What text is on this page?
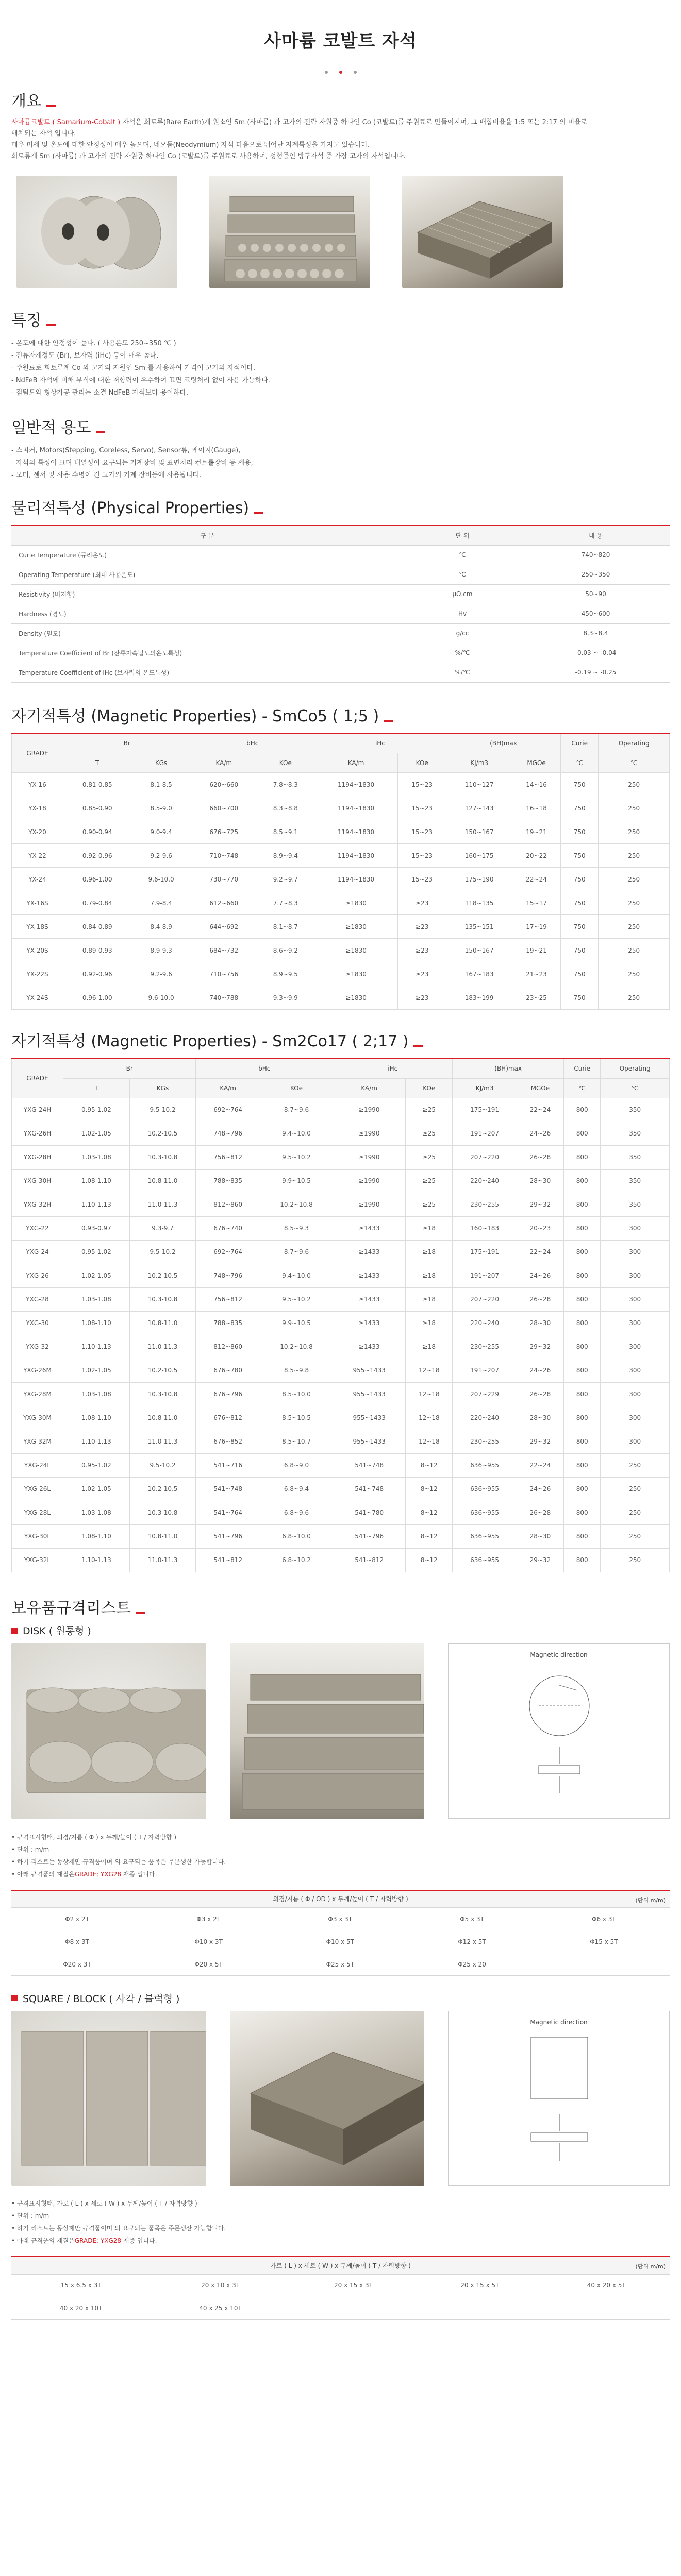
사마륨 코발트 자석
개요
사마륨코발트 ( Samarium-Cobalt ) 자석은 희토류(Rare Earth)계 원소인 Sm (사마륨) 과 고가의 전략 자원중 하나인 Co (코발트)를 주원료로 만들어지며, 그 배합비율을 1:5 또는 2:17 의 비율로
배치되는 자석 입니다.
매우 미세 및 온도에 대한 안정성이 매우 높으며, 네오듐(Neodymium) 자석 다음으로 뛰어난 자계특성을 가지고 있습니다.
희토류계 Sm (사마륨) 과 고가의 전략 자원중 하나인 Co (코발트)를 주원료로 사용하며, 성형중인 방구자석 중 가장 고가의 자석입니다.
특징
- 온도에 대한 안정성이 높다. ( 사용온도 250~350 ℃ )
- 전류자계정도 (Br), 보자력 (iHc) 등이 매우 높다.
- 주원료로 희토류계 Co 와 고가의 자원인 Sm 를 사용하여 가격이 고가의 자석이다.
- NdFeB 자석에 비해 부식에 대한 저항력이 우수하여 표면 코팅처리 없이 사용 가능하다.
- 점팀도와 형상가공 관리는 소결 NdFeB 자석보다 용이하다.
일반적 용도
- 스피커, Motors(Stepping, Coreless, Servo), Sensor류, 게이지(Gauge),
- 자석의 특성이 크며 내열성이 요구되는 기계장비 및 표면처리 컨트롤장비 등 세용,
- 모터, 센서 및 사용 수명이 긴 고가의 기계 장비등에 사용됩니다.
물리적특성 (Physical Properties)
구 분	단 위	내 용
Curie Temperature (큐리온도)	℃	740~820
Operating Temperature (최대 사용온도)	℃	250~350
Resistivity (비저항)	μΩ.cm	50~90
Hardness (경도)	Hv	450~600
Density (밀도)	g/cc	8.3~8.4
Temperature Coefficient of Br (잔류자속밀도의온도특성)	%/℃	-0.03 ~ -0.04
Temperature Coefficient of iHc (보자력의 온도특성)	%/℃	-0.19 ~ -0.25
자기적특성 (Magnetic Properties) - SmCo5 ( 1;5 )
GRADE	Br		bHc		iHc		(BH)max		Curie	Operating
	T	KGs	KA/m	KOe	KA/m	KOe	KJ/m3	MGOe	℃	℃
YX-16	0.81-0.85	8.1-8.5	620~660	7.8~8.3	1194~1830	15~23	110~127	14~16	750	250
YX-18	0.85-0.90	8.5-9.0	660~700	8.3~8.8	1194~1830	15~23	127~143	16~18	750	250
YX-20	0.90-0.94	9.0-9.4	676~725	8.5~9.1	1194~1830	15~23	150~167	19~21	750	250
YX-22	0.92-0.96	9.2-9.6	710~748	8.9~9.4	1194~1830	15~23	160~175	20~22	750	250
YX-24	0.96-1.00	9.6-10.0	730~770	9.2~9.7	1194~1830	15~23	175~190	22~24	750	250
YX-16S	0.79-0.84	7.9-8.4	612~660	7.7~8.3	≥1830	≥23	118~135	15~17	750	250
YX-18S	0.84-0.89	8.4-8.9	644~692	8.1~8.7	≥1830	≥23	135~151	17~19	750	250
YX-20S	0.89-0.93	8.9-9.3	684~732	8.6~9.2	≥1830	≥23	150~167	19~21	750	250
YX-22S	0.92-0.96	9.2-9.6	710~756	8.9~9.5	≥1830	≥23	167~183	21~23	750	250
YX-24S	0.96-1.00	9.6-10.0	740~788	9.3~9.9	≥1830	≥23	183~199	23~25	750	250
자기적특성 (Magnetic Properties) - Sm2Co17 ( 2;17 )
GRADE	Br		bHc		iHc		(BH)max		Curie	Operating
	T	KGs	KA/m	KOe	KA/m	KOe	KJ/m3	MGOe	℃	℃
YXG-24H	0.95-1.02	9.5-10.2	692~764	8.7~9.6	≥1990	≥25	175~191	22~24	800	350
YXG-26H	1.02-1.05	10.2-10.5	748~796	9.4~10.0	≥1990	≥25	191~207	24~26	800	350
YXG-28H	1.03-1.08	10.3-10.8	756~812	9.5~10.2	≥1990	≥25	207~220	26~28	800	350
YXG-30H	1.08-1.10	10.8-11.0	788~835	9.9~10.5	≥1990	≥25	220~240	28~30	800	350
YXG-32H	1.10-1.13	11.0-11.3	812~860	10.2~10.8	≥1990	≥25	230~255	29~32	800	350
YXG-22	0.93-0.97	9.3-9.7	676~740	8.5~9.3	≥1433	≥18	160~183	20~23	800	300
YXG-24	0.95-1.02	9.5-10.2	692~764	8.7~9.6	≥1433	≥18	175~191	22~24	800	300
YXG-26	1.02-1.05	10.2-10.5	748~796	9.4~10.0	≥1433	≥18	191~207	24~26	800	300
YXG-28	1.03-1.08	10.3-10.8	756~812	9.5~10.2	≥1433	≥18	207~220	26~28	800	300
YXG-30	1.08-1.10	10.8-11.0	788~835	9.9~10.5	≥1433	≥18	220~240	28~30	800	300
YXG-32	1.10-1.13	11.0-11.3	812~860	10.2~10.8	≥1433	≥18	230~255	29~32	800	300
YXG-26M	1.02-1.05	10.2-10.5	676~780	8.5~9.8	955~1433	12~18	191~207	24~26	800	300
YXG-28M	1.03-1.08	10.3-10.8	676~796	8.5~10.0	955~1433	12~18	207~229	26~28	800	300
YXG-30M	1.08-1.10	10.8-11.0	676~812	8.5~10.5	955~1433	12~18	220~240	28~30	800	300
YXG-32M	1.10-1.13	11.0-11.3	676~852	8.5~10.7	955~1433	12~18	230~255	29~32	800	300
YXG-24L	0.95-1.02	9.5-10.2	541~716	6.8~9.0	541~748	8~12	636~955	22~24	800	250
YXG-26L	1.02-1.05	10.2-10.5	541~748	6.8~9.4	541~748	8~12	636~955	24~26	800	250
YXG-28L	1.03-1.08	10.3-10.8	541~764	6.8~9.6	541~780	8~12	636~955	26~28	800	250
YXG-30L	1.08-1.10	10.8-11.0	541~796	6.8~10.0	541~796	8~12	636~955	28~30	800	250
YXG-32L	1.10-1.13	11.0-11.3	541~812	6.8~10.2	541~812	8~12	636~955	29~32	800	250
보유품규격리스트
DISK ( 원통형 )
Magnetic direction
• 규격표시형태, 외경/지름 ( Φ ) x 두께/높이 ( T / 자력방향 )
• 단위 : m/m
• 하기 리스트는 동상제만 규격품이며 외 요구되는 품목은 주문생산 가능합니다.
• 아래 규격품의 재질은GRADE; YXG28 재종 입니다.
외경/지름 ( Φ / OD ) x 두께/높이 ( T / 자력방향 ) (단위 m/m)				

Φ2 x 2T	Φ3 x 2T	Φ3 x 3T	Φ5 x 3T	Φ6 x 3T
Φ8 x 3T	Φ10 x 3T	Φ10 x 5T	Φ12 x 5T	Φ15 x 5T
Φ20 x 3T	Φ20 x 5T	Φ25 x 5T	Φ25 x 20	
SQUARE / BLOCK ( 사각 / 블럭형 )
Magnetic direction
• 규격표시형태, 가로 ( L ) x 세로 ( W ) x 두께/높이 ( T / 자력방향 )
• 단위 : m/m
• 하기 리스트는 동상제만 규격품이며 외 요구되는 품목은 주문생산 가능합니다.
• 아래 규격품의 재질은GRADE; YXG28 재종 입니다.
가로 ( L ) x 세로 ( W ) x 두께/높이 ( T / 자력방향 ) (단위 m/m)				

15 x 6.5 x 3T	20 x 10 x 3T	20 x 15 x 3T	20 x 15 x 5T	40 x 20 x 5T
40 x 20 x 10T	40 x 25 x 10T			
